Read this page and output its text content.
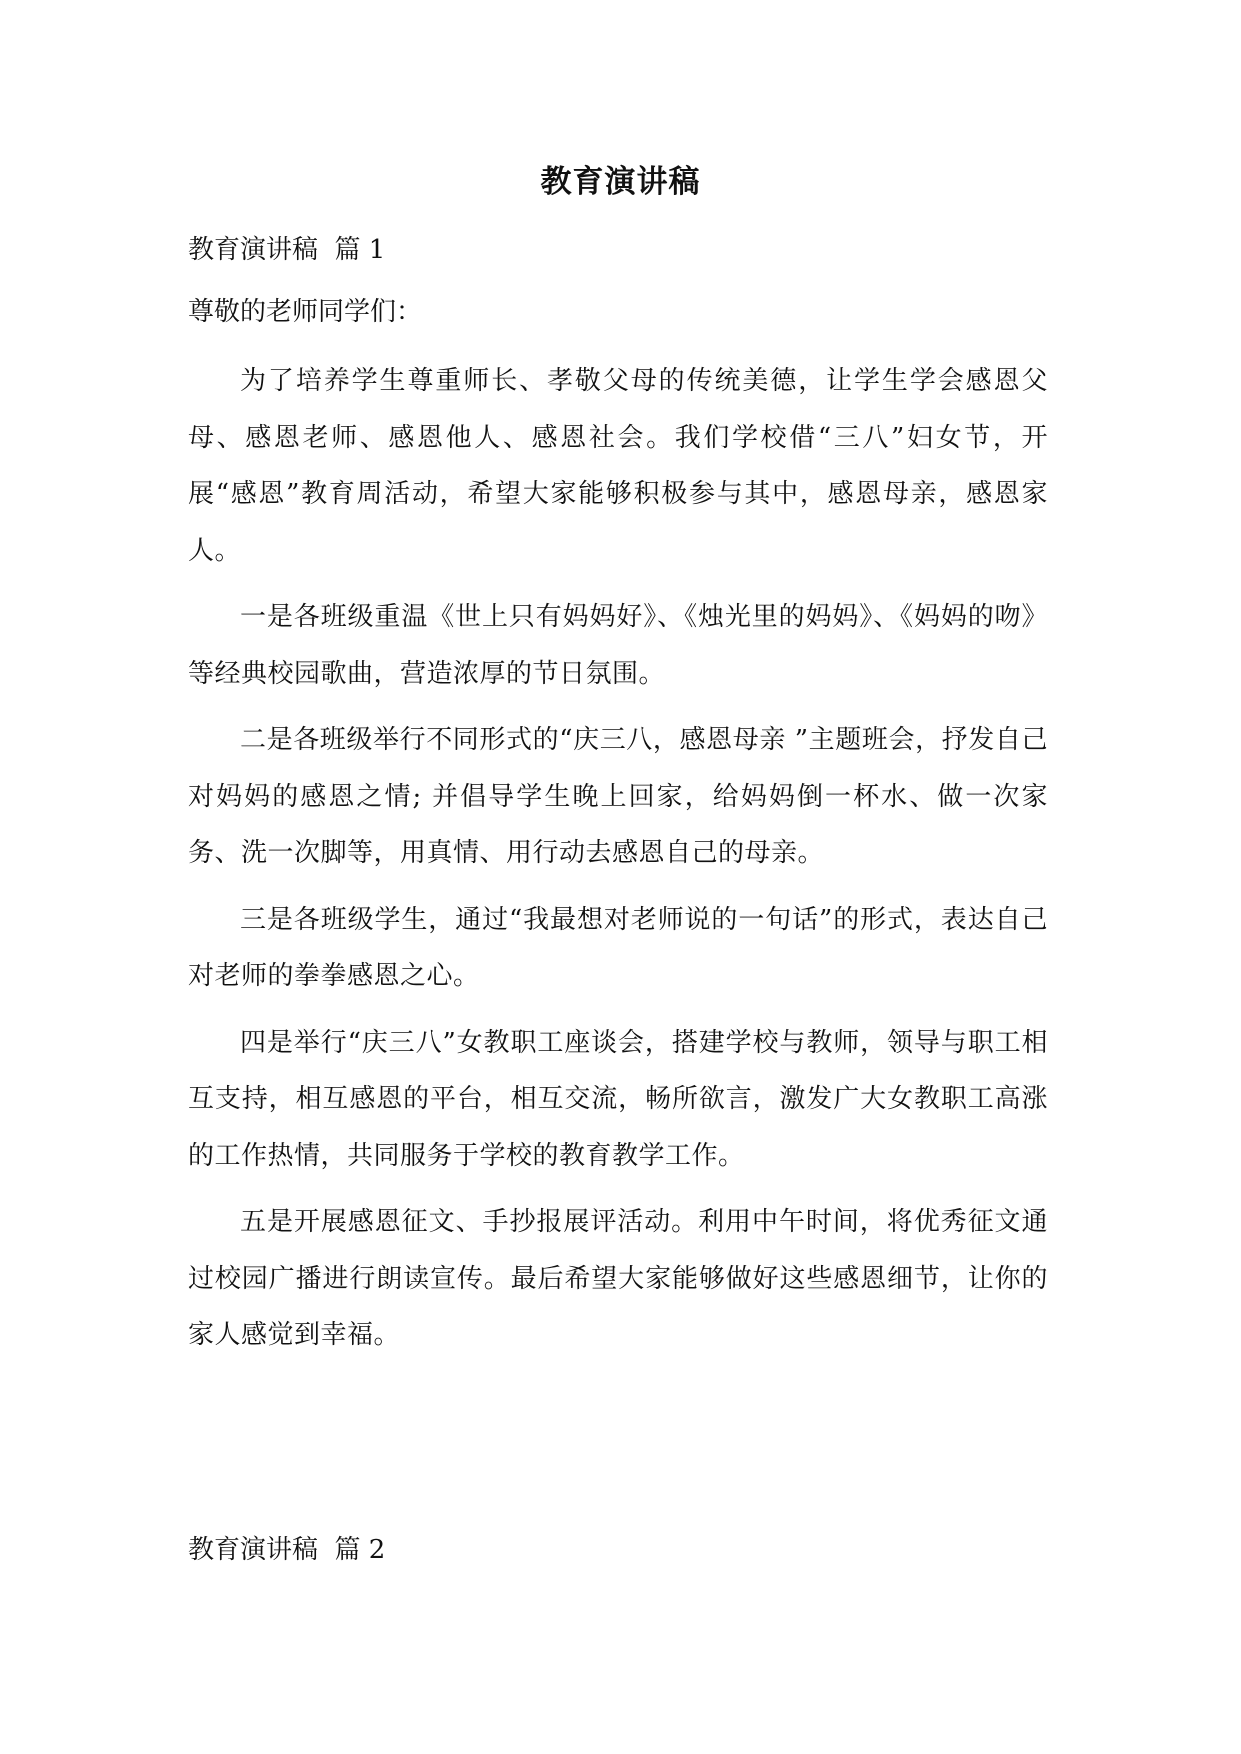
教育演讲稿
教育演讲稿  篇 1
尊敬的老师同学们：

为了培养学生尊重师长、孝敬父母的传统美德，让学生学会感恩父母、感恩老师、感恩他人、感恩社会。我们学校借“三八”妇女节，开展“感恩”教育周活动，希望大家能够积极参与其中，感恩母亲，感恩家人。

一是各班级重温《世上只有妈妈好》、《烛光里的妈妈》、《妈妈的吻》等经典校园歌曲，营造浓厚的节日氛围。

二是各班级举行不同形式的“庆三八，感恩母亲 ”主题班会，抒发自己对妈妈的感恩之情; 并倡导学生晚上回家，给妈妈倒一杯水、做一次家务、洗一次脚等，用真情、用行动去感恩自己的母亲。

三是各班级学生，通过“我最想对老师说的一句话”的形式，表达自己对老师的拳拳感恩之心。

四是举行“庆三八”女教职工座谈会，搭建学校与教师，领导与职工相互支持，相互感恩的平台，相互交流，畅所欲言，激发广大女教职工高涨的工作热情，共同服务于学校的教育教学工作。

五是开展感恩征文、手抄报展评活动。利用中午时间，将优秀征文通过校园广播进行朗读宣传。最后希望大家能够做好这些感恩细节，让你的家人感觉到幸福。

教育演讲稿  篇 2
